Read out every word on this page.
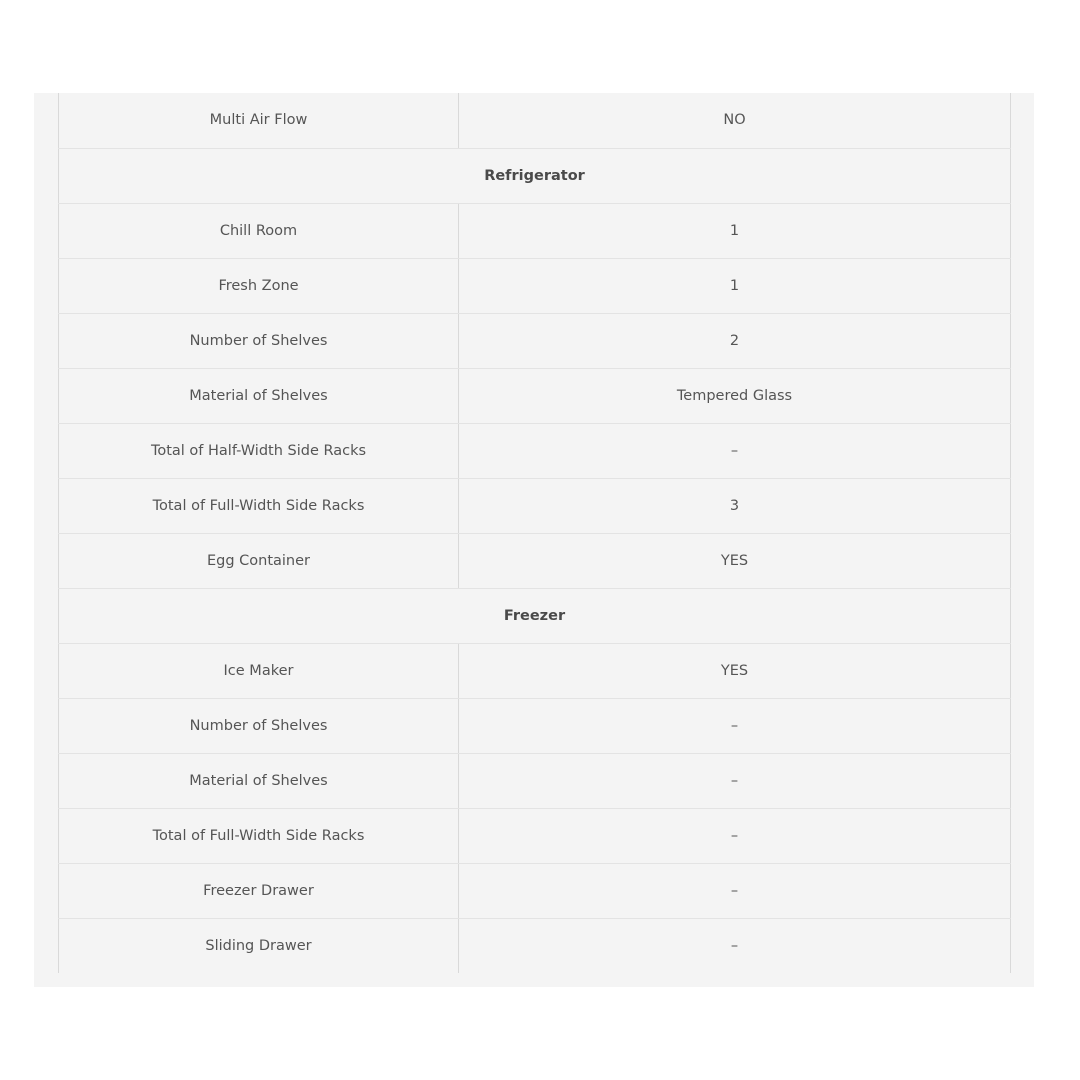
Multi Air Flow	NO
Refrigerator	
Chill Room	1
Fresh Zone	1
Number of Shelves	2
Material of Shelves	Tempered Glass
Total of Half-Width Side Racks	–
Total of Full-Width Side Racks	3
Egg Container	YES
Freezer	
Ice Maker	YES
Number of Shelves	–
Material of Shelves	–
Total of Full-Width Side Racks	–
Freezer Drawer	–
Sliding Drawer	–
